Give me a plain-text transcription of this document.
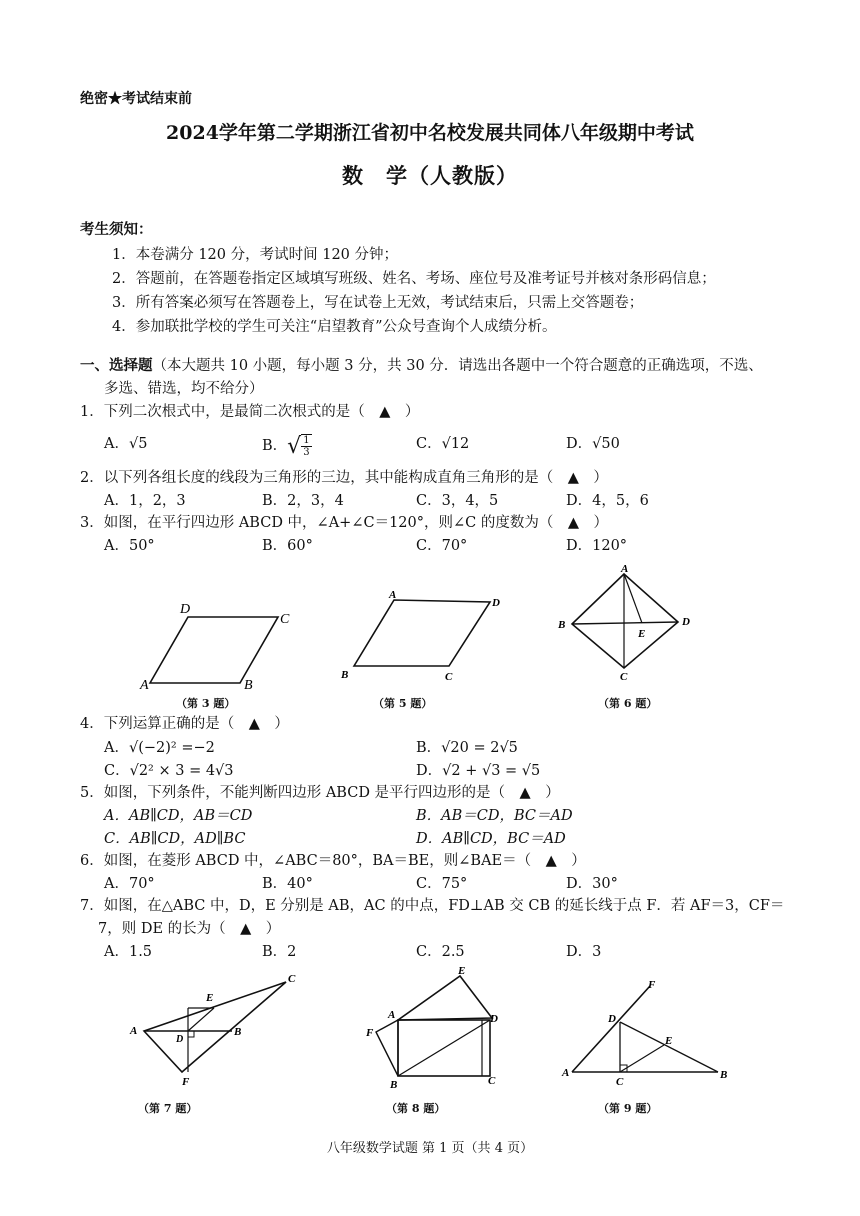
绝密★考试结束前
2024学年第二学期浙江省初中名校发展共同体八年级期中考试
数　学（人教版）
考生须知：
1．本卷满分 120 分，考试时间 120 分钟；
2．答题前，在答题卷指定区域填写班级、姓名、考场、座位号及准考证号并核对条形码信息；
3．所有答案必须写在答题卷上，写在试卷上无效，考试结束后，只需上交答题卷；
4．参加联批学校的学生可关注“启望教育”公众号查询个人成绩分析。
一、选择题（本大题共 10 小题，每小题 3 分，共 30 分．请选出各题中一个符合题意的正确选项，不选、
多选、错选，均不给分）
1．下列二次根式中，是最简二次根式的是（　▲　）
A．√5	B．√ $\frac{1}{3}$	C．√12	D．√50
2．以下列各组长度的线段为三角形的三边，其中能构成直角三角形的是（　▲　）
A．1，2，3	B．2，3，4	C．3，4，5	D．4，5，6
3．如图，在平行四边形 ABCD 中，∠A+∠C＝120°，则∠C 的度数为（　▲　）
A．50°	B．60°	C．70°	D．120°
A	B
C
D
（第 3 题）
B	C
A
D
（第 5 题）
A
B	D
C
E
（第 6 题）
4．下列运算正确的是（　▲　）
A．√(−2)² =−2	B．√20 = 2√5
C．√2² × 3 = 4√3	D．√2 + √3 = √5
5．如图，下列条件，不能判断四边形 ABCD 是平行四边形的是（　▲　）
A．AB∥CD，AB＝CD	B．AB＝CD，BC＝AD
C．AB∥CD，AD∥BC	D．AB∥CD，BC＝AD
6．如图，在菱形 ABCD 中，∠ABC＝80°，BA＝BE，则∠BAE＝（　▲　）
A．70°	B．40°	C．75°	D．30°
7．如图，在△ABC 中，D，E 分别是 AB，AC 的中点，FD⊥AB 交 CB 的延长线于点 F．若 AF＝3，CF＝
7，则 DE 的长为（　▲　）
A．1.5	B．2	C．2.5	D．3
A	B
C
D
E
F
（第 7 题）
A
B	C
D
E
F
（第 8 题）
A	B
C
D
E
F
（第 9 题）
八年级数学试题 第 1 页（共 4 页）
